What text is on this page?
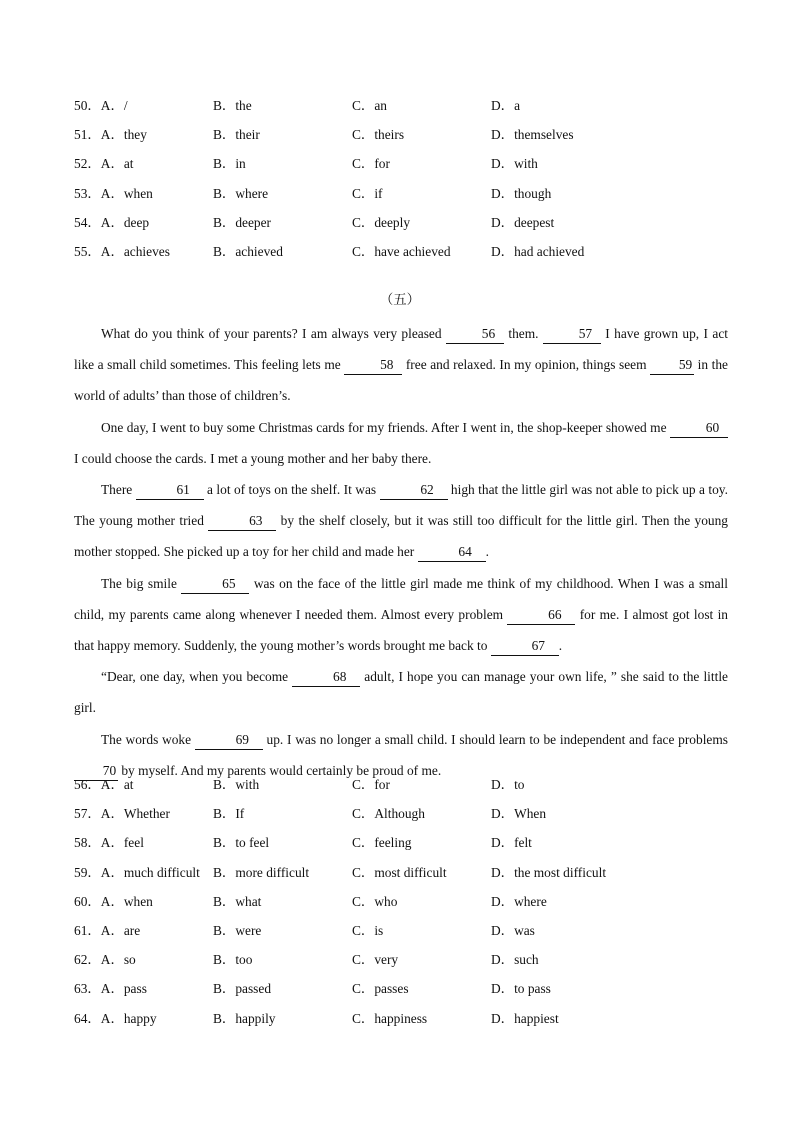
50．A．/	B．the	C．an	D．a
51．A．they	B．their	C．theirs	D．themselves
52．A．at	B．in	C．for	D．with
53．A．when	B．where	C．if	D．though
54．A．deep	B．deeper	C．deeply	D．deepest
55．A．achieves	B．achieved	C．have achieved	D．had achieved
（五）

What do you think of your parents? I am always very pleased	56 them.	57 I have grown up, I act like a small child sometimes. This feeling lets me	58 free and relaxed. In my opinion, things seem 59 in the world of adults’ than those of children’s.

One day, I went to buy some Christmas cards for my friends. After I went in, the shop-keeper showed me	60 I could choose the cards. I met a young mother and her baby there.

There	61 a lot of toys on the shelf. It was	62 high that the little girl was not able to pick up a toy. The young mother tried	63 by the shelf closely, but it was still too difficult for the little girl. Then the young mother stopped. She picked up a toy for her child and made her	64 .

The big smile	65 was on the face of the little girl made me think of my childhood. When I was a small child, my parents came along whenever I needed them. Almost every problem	66 for me. I almost got lost in that happy memory. Suddenly, the young mother’s words brought me back to	67 .

“Dear, one day, when you become	68 adult, I hope you can manage your own life, ” she said to the little girl.

The words woke	69 up. I was no longer a small child. I should learn to be independent and face problems 70 by myself. And my parents would certainly be proud of me.

56．A．at	B．with	C．for	D．to
57．A．Whether	B．If	C．Although	D．When
58．A．feel	B．to feel	C．feeling	D．felt
59．A．much difficult B．more difficult	C．most difficult	D．the most difficult
60．A．when	B．what	C．who	D．where
61．A．are	B．were	C．is	D．was
62．A．so	B．too	C．very	D．such
63．A．pass	B．passed	C．passes	D．to pass
64．A．happy	B．happily	C．happiness	D．happiest
